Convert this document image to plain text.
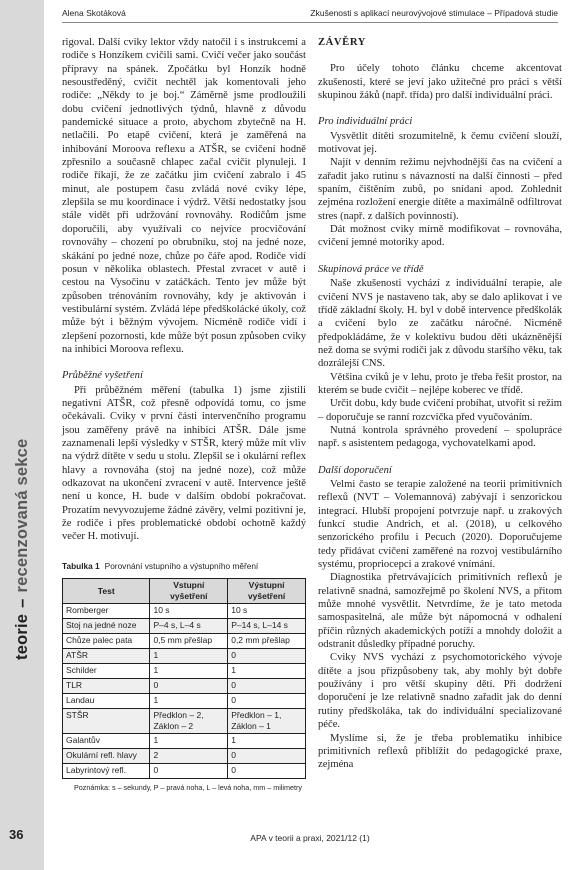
teorie
–
recenzovaná sekce
36
Alena Skotáková	Zkušenosti s aplikací neurovývojové stimulace – Případová studie

rigoval. Další cviky lektor vždy natočil i s instrukcemi a rodiče s Honzíkem cvičili sami. Cvičí večer jako součást přípravy na spánek. Zpočátku byl Honzík hodně nesoustředěný, cvičit nechtěl jak komentovali jeho rodiče: „Někdy to je boj.“ Záměrně jsme prodloužili dobu cvičení jednotlivých týdnů, hlavně z důvodu pandemické situace a proto, abychom zbytečně na H. netlačili. Po etapě cvičení, která je zaměřená na inhibování Moroova reflexu a ATŠR, se cvičení hodně zpřesnilo a současně chlapec začal cvičit plynuleji. I rodiče říkají, že ze začátku jim cvičení zabralo i 45 minut, ale postupem času zvládá nové cviky lépe, zlepšila se mu koordinace i výdrž. Větší nedostatky jsou stále vidět při udržování rovnováhy. Rodičům jsme doporučili, aby využívali co nejvíce procvičování rovnováhy – chození po obrubníku, stoj na jedné noze, skákání po jedné noze, chůze po čáře apod. Rodiče vidí posun v několika oblastech. Přestal zvracet v autě i cestou na Vysočinu v zatáčkách. Tento jev může být způsoben trénováním rovnováhy, kdy je aktivován i vestibulární systém. Zvládá lépe předškolácké úkoly, což může být i běžným vývojem. Nicméně rodiče vidí i zlepšení pozornosti, kde může být posun způsoben cviky na inhibici Moroova reflexu.

Průběžné vyšetření

Při průběžném měření (tabulka 1) jsme zjistili negativní ATŠR, což přesně odpovídá tomu, co jsme očekávali. Cviky v první části intervenčního programu jsou zaměřeny právě na inhibici ATŠR. Dále jsme zaznamenali lepší výsledky v STŠR, který může mít vliv na výdrž dítěte v sedu u stolu. Zlepšil se i okulární reflex hlavy a rovnováha (stoj na jedné noze), což může odkazovat na ukončení zvracení v autě. Intervence ještě není u konce, H. bude v dalším období pokračovat. Prozatím nevyvozujeme žádné závěry, velmi pozitivní je, že rodiče i přes problematické období ochotně každý večer H. motivují.

Tabulka 1 Porovnání vstupního a výstupního měření
Test	Vstupní vyšetření	Výstupní vyšetření
Romberger	10 s	10 s
Stoj na jedné noze	P–4 s, L–4 s	P–14 s, L–14 s
Chůze palec pata	0,5 mm přešlap	0,2 mm přešlap
ATŠR	1	0
Schilder	1	1
TLR	0	0
Landau	1	0
STŠR	Předklon – 2, Záklon – 2	Předklon – 1, Záklon – 1
Galantův	1	1
Okulární refl. hlavy	2	0
Labyrintový refl.	0	0

Poznámka: s – sekundy, P – pravá noha, L – levá noha, mm – milimetry

ZÁVĚRY

Pro účely tohoto článku chceme akcentovat zkušenosti, které se jeví jako užitečné pro práci s větší skupinou žáků (např. třída) pro další individuální práci.

Pro individuální práci

Vysvětlit dítěti srozumitelně, k čemu cvičení slouží, motivovat jej.

Najít v denním režimu nejvhodnější čas na cvičení a zařadit jako rutinu s návazností na další činnosti – před spaním, čištěním zubů, po snídani apod. Zohlednit zejména rozložení energie dítěte a maximálně odfiltrovat stres (např. z dalších povinností).

Dát možnost cviky mírně modifikovat – rovnováha, cvičení jemné motoriky apod.

Skupinová práce ve třídě

Naše zkušenosti vychází z individuální terapie, ale cvičení NVS je nastaveno tak, aby se dalo aplikovat i ve třídě základní školy. H. byl v době intervence předškolák a cvičení bylo ze začátku náročné. Nicméně předpokládáme, že v kolektivu budou děti ukázněnější než doma se svými rodiči jak z důvodu staršího věku, tak dozrálejší CNS.

Většina cviků je v lehu, proto je třeba řešit prostor, na kterém se bude cvičit – nejlépe koberec ve třídě.

Určit dobu, kdy bude cvičení probíhat, utvořit si režim – doporučuje se ranní rozcvička před vyučováním.

Nutná kontrola správného provedení – spolupráce např. s asistentem pedagoga, vychovatelkami apod.

Další doporučení

Velmi často se terapie založené na teorii primitivních reflexů (NVT – Volemannová) zabývají i senzorickou integrací. Hlubší propojení potvrzuje např. u zrakových funkcí studie Andrich, et al. (2018), u celkového senzorického profilu i Pecuch (2020). Doporučujeme tedy přidávat cvičení zaměřené na rozvoj vestibulárního systému, propriocepci a zrakové vnímání.

Diagnostika přetrvávajících primitivních reflexů je relativně snadná, samozřejmě po školení NVS, a přitom může mnohé vysvětlit. Netvrdíme, že je tato metoda samospasitelná, ale může být nápomocná v odhalení příčin různých akademických potíží a mnohdy doložit a odstranit důsledky případné poruchy.

Cviky NVS vychází z psychomotorického vývoje dítěte a jsou přizpůsobeny tak, aby mohly být dobře používány i pro větší skupiny dětí. Při dodržení doporučení je lze relativně snadno zařadit jak do denní rutiny předškoláka, tak do individuální specializované péče.

Myslíme si, že je třeba problematiku inhibice primitivních reflexů přiblížit do pedagogické praxe, zejména

APA v teorii a praxi, 2021/12 (1)
